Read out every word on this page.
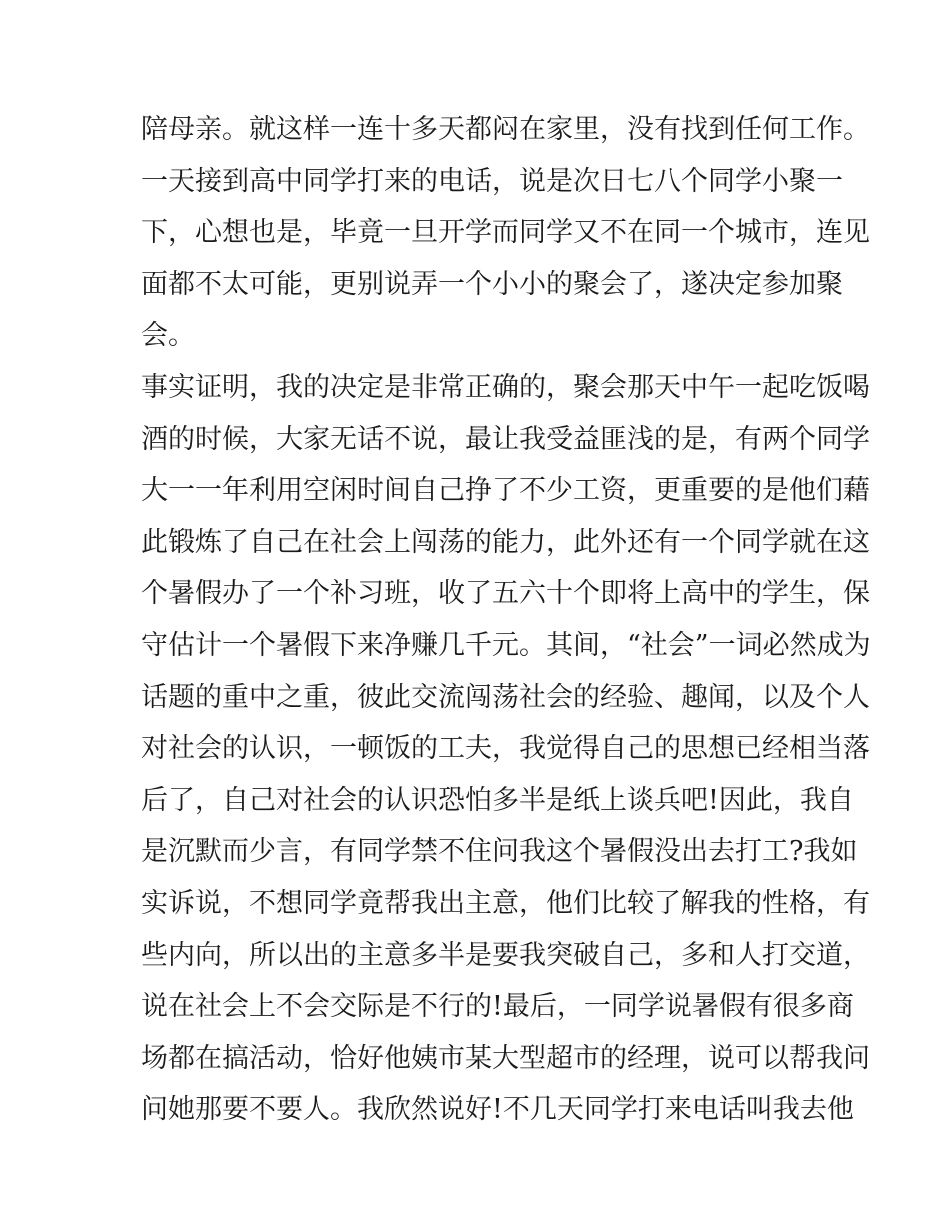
陪母亲。就这样一连十多天都闷在家里，没有找到任何工作。
一天接到高中同学打来的电话，说是次日七八个同学小聚一
下，心想也是，毕竟一旦开学而同学又不在同一个城市，连见
面都不太可能，更别说弄一个小小的聚会了，遂决定参加聚
会。
事实证明，我的决定是非常正确的，聚会那天中午一起吃饭喝
酒的时候，大家无话不说，最让我受益匪浅的是，有两个同学
大一一年利用空闲时间自己挣了不少工资，更重要的是他们藉
此锻炼了自己在社会上闯荡的能力，此外还有一个同学就在这
个暑假办了一个补习班，收了五六十个即将上高中的学生，保
守估计一个暑假下来净赚几千元。其间，“社会”一词必然成为
话题的重中之重，彼此交流闯荡社会的经验、趣闻，以及个人
对社会的认识，一顿饭的工夫，我觉得自己的思想已经相当落
后了，自己对社会的认识恐怕多半是纸上谈兵吧!因此，我自
是沉默而少言，有同学禁不住问我这个暑假没出去打工?我如
实诉说，不想同学竟帮我出主意，他们比较了解我的性格，有
些内向，所以出的主意多半是要我突破自己，多和人打交道，
说在社会上不会交际是不行的!最后，一同学说暑假有很多商
场都在搞活动，恰好他姨市某大型超市的经理，说可以帮我问
问她那要不要人。我欣然说好!不几天同学打来电话叫我去他
